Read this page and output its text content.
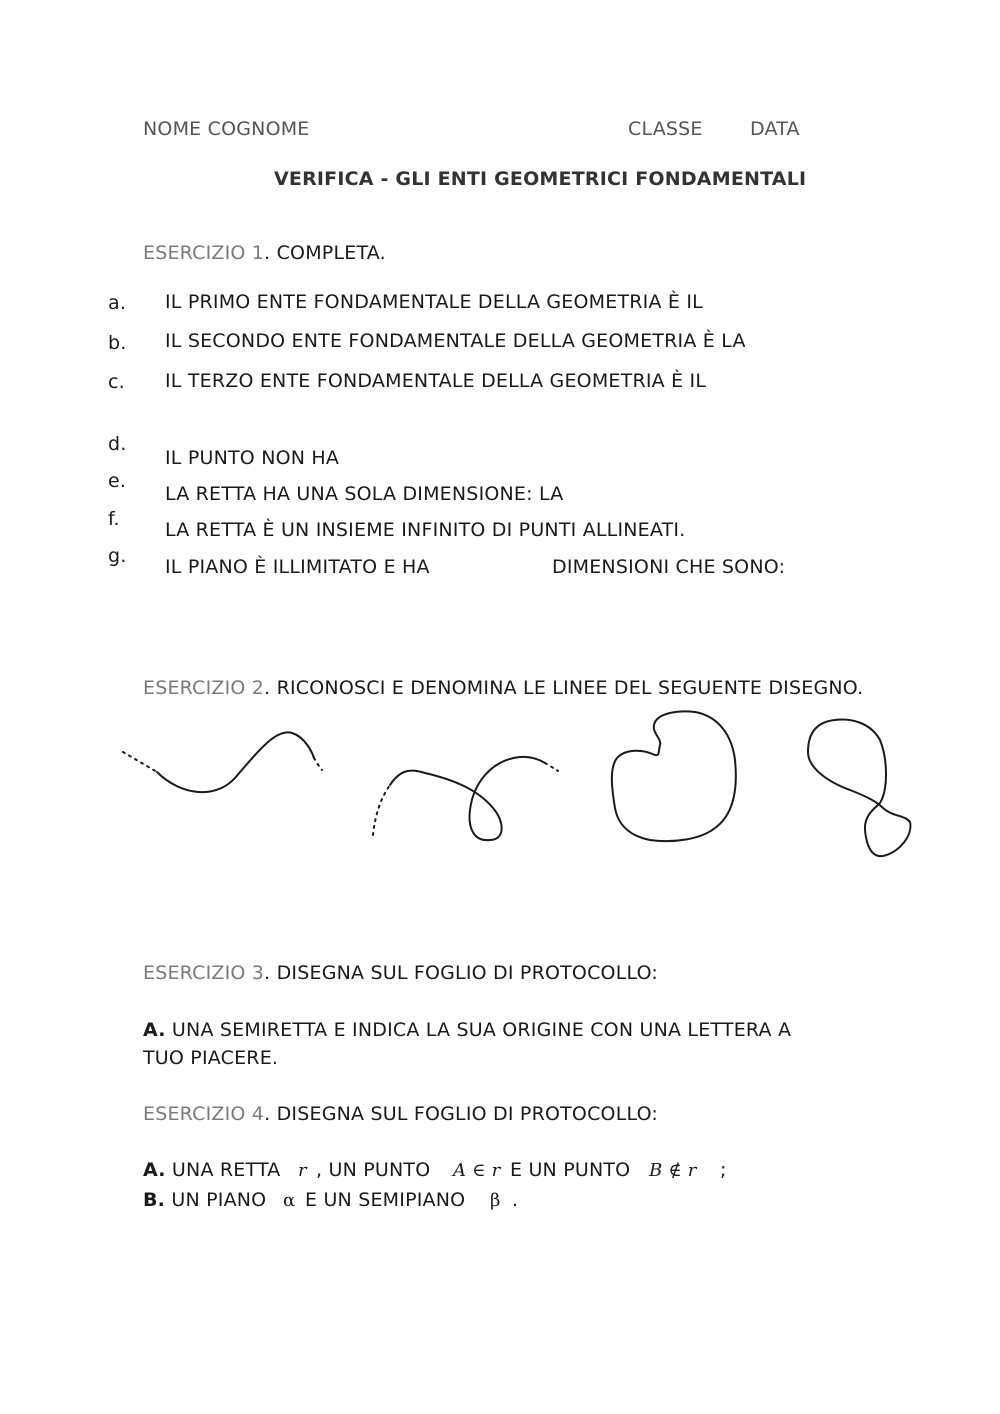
NOME COGNOME	CLASSE DATA
VERIFICA - GLI ENTI GEOMETRICI FONDAMENTALI
ESERCIZIO 1. COMPLETA.
a. IL PRIMO ENTE FONDAMENTALE DELLA GEOMETRIA È IL
b. IL SECONDO ENTE FONDAMENTALE DELLA GEOMETRIA È LA
c. IL TERZO ENTE FONDAMENTALE DELLA GEOMETRIA È IL
d.
IL PUNTO NON HA
e.
LA RETTA HA UNA SOLA DIMENSIONE: LA
f. LA RETTA È UN INSIEME INFINITO DI PUNTI ALLINEATI.
g. IL PIANO È ILLIMITATO E HA	DIMENSIONI CHE SONO:
ESERCIZIO 2. RICONOSCI E DENOMINA LE LINEE DEL SEGUENTE DISEGNO.
ESERCIZIO 3. DISEGNA SUL FOGLIO DI PROTOCOLLO:
A. UNA SEMIRETTA E INDICA LA SUA ORIGINE CON UNA LETTERA A
TUO PIACERE.
ESERCIZIO 4. DISEGNA SUL FOGLIO DI PROTOCOLLO:
A. UNA RETTA r , UN PUNTO A ∈ r E UN PUNTO B ∉ r ;
B. UN PIANO α E UN SEMIPIANO β .
